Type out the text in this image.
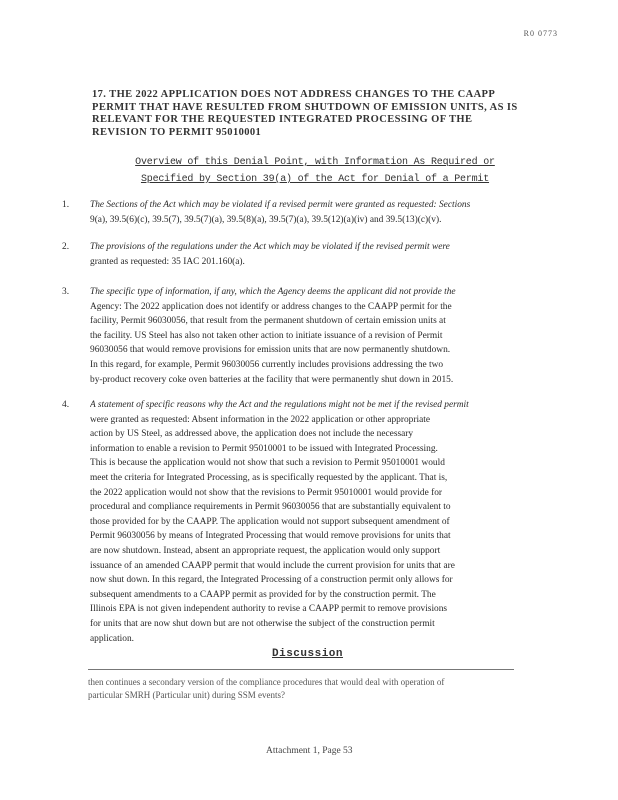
R0 0773
17. THE 2022 APPLICATION DOES NOT ADDRESS CHANGES TO THE CAAPP
PERMIT THAT HAVE RESULTED FROM SHUTDOWN OF EMISSION UNITS, AS IS
RELEVANT FOR THE REQUESTED INTEGRATED PROCESSING OF THE
REVISION TO PERMIT 95010001
Overview of this Denial Point, with Information As Required or
Specified by Section 39(a) of the Act for Denial of a Permit
1.	The Sections of the Act which may be violated if a revised permit were granted as requested: Sections
9(a), 39.5(6)(c), 39.5(7), 39.5(7)(a), 39.5(8)(a), 39.5(7)(a), 39.5(12)(a)(iv) and 39.5(13)(c)(v).
2.	The provisions of the regulations under the Act which may be violated if the revised permit were
granted as requested: 35 IAC 201.160(a).
3.	The specific type of information, if any, which the Agency deems the applicant did not provide the
Agency: The 2022 application does not identify or address changes to the CAAPP permit for the
facility, Permit 96030056, that result from the permanent shutdown of certain emission units at
the facility. US Steel has also not taken other action to initiate issuance of a revision of Permit
96030056 that would remove provisions for emission units that are now permanently shutdown.
In this regard, for example, Permit 96030056 currently includes provisions addressing the two
by-product recovery coke oven batteries at the facility that were permanently shut down in 2015.
4.	A statement of specific reasons why the Act and the regulations might not be met if the revised permit
were granted as requested: Absent information in the 2022 application or other appropriate
action by US Steel, as addressed above, the application does not include the necessary
information to enable a revision to Permit 95010001 to be issued with Integrated Processing.
This is because the application would not show that such a revision to Permit 95010001 would
meet the criteria for Integrated Processing, as is specifically requested by the applicant. That is,
the 2022 application would not show that the revisions to Permit 95010001 would provide for
procedural and compliance requirements in Permit 96030056 that are substantially equivalent to
those provided for by the CAAPP. The application would not support subsequent amendment of
Permit 96030056 by means of Integrated Processing that would remove provisions for units that
are now shutdown. Instead, absent an appropriate request, the application would only support
issuance of an amended CAAPP permit that would include the current provision for units that are
now shut down. In this regard, the Integrated Processing of a construction permit only allows for
subsequent amendments to a CAAPP permit as provided for by the construction permit. The
Illinois EPA is not given independent authority to revise a CAAPP permit to remove provisions
for units that are now shut down but are not otherwise the subject of the construction permit
application.
Discussion
then continues a secondary version of the compliance procedures that would deal with operation of
particular SMRH (Particular unit) during SSM events?
Attachment 1, Page 53
